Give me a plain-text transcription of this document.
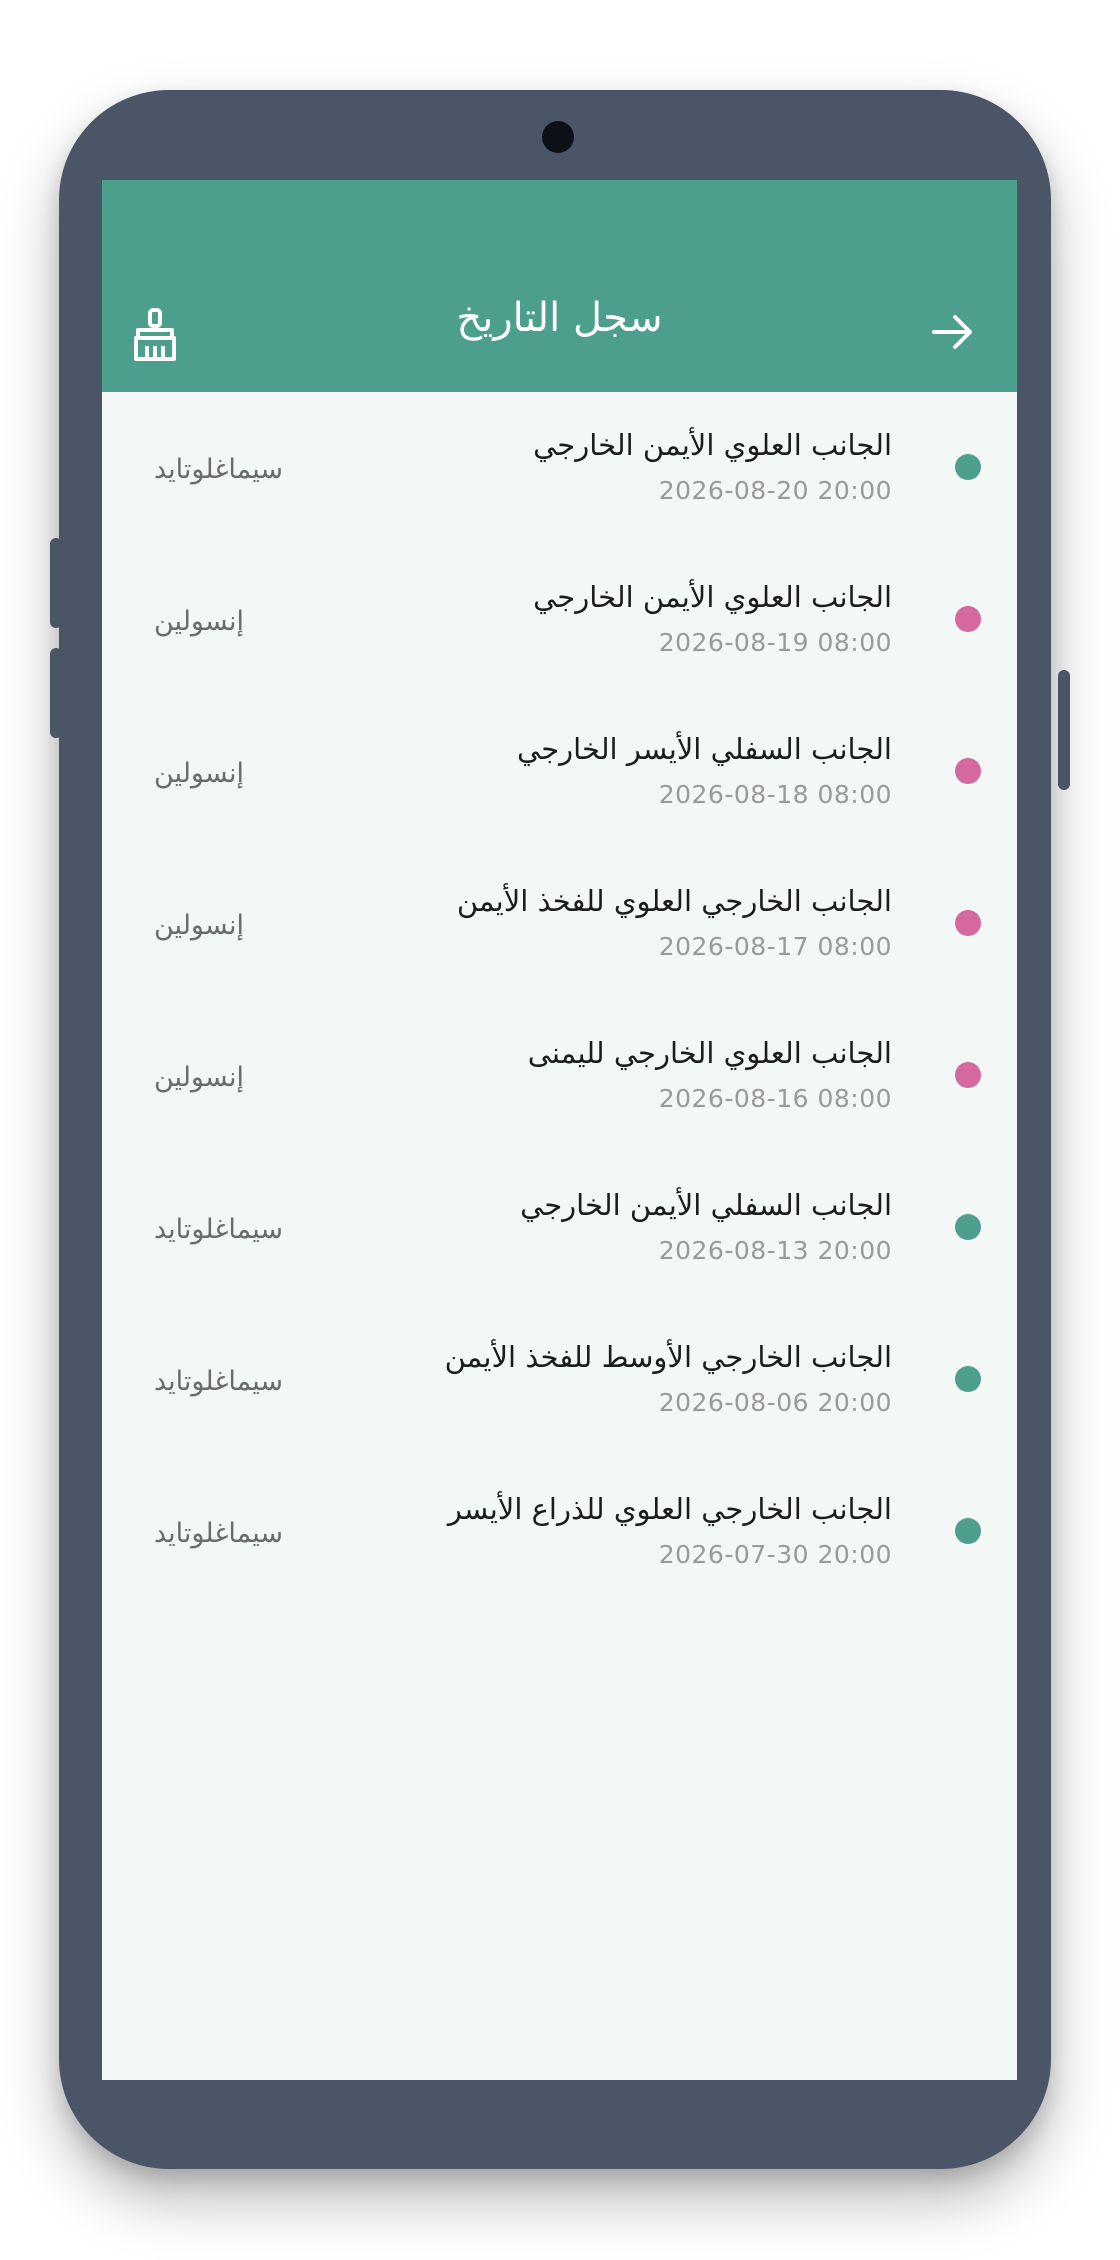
سجل التاريخ
الجانب العلوي الأيمن الخارجي
2026-08-20 20:00
سيماغلوتايد
الجانب العلوي الأيمن الخارجي
2026-08-19 08:00
إنسولين
الجانب السفلي الأيسر الخارجي
2026-08-18 08:00
إنسولين
الجانب الخارجي العلوي للفخذ الأيمن
2026-08-17 08:00
إنسولين
الجانب العلوي الخارجي لليمنى
2026-08-16 08:00
إنسولين
الجانب السفلي الأيمن الخارجي
2026-08-13 20:00
سيماغلوتايد
الجانب الخارجي الأوسط للفخذ الأيمن
2026-08-06 20:00
سيماغلوتايد
الجانب الخارجي العلوي للذراع الأيسر
2026-07-30 20:00
سيماغلوتايد
